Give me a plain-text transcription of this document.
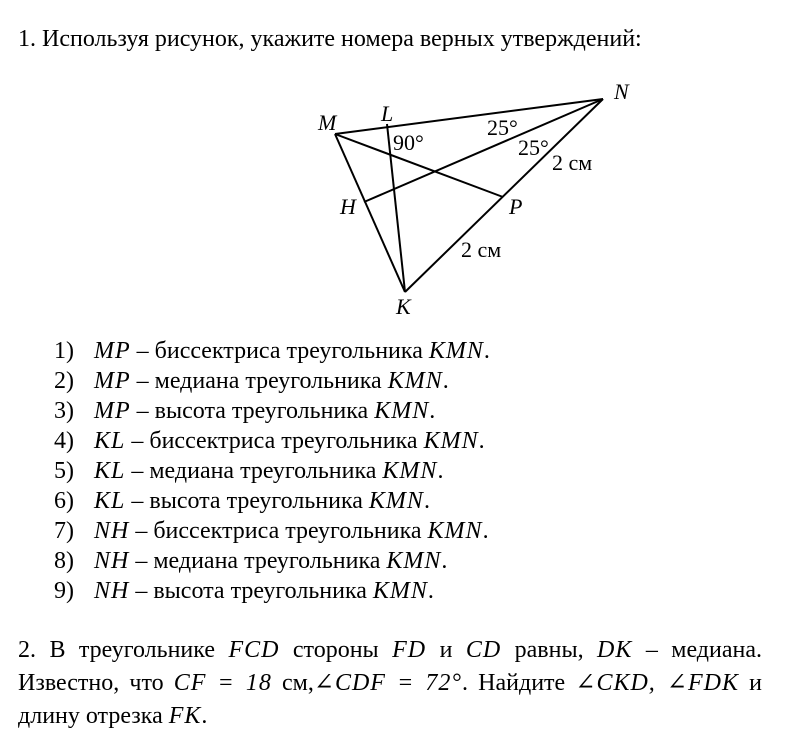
1. Используя рисунок, укажите номера верных утверждений:
M L
N
H	P
K
90°
25°
25°
2 см
2 см
1) MP – биссектриса треугольника KMN.
2) MP – медиана треугольника KMN.
3) MP – высота треугольника KMN.
4) KL – биссектриса треугольника KMN.
5) KL – медиана треугольника KMN.
6) KL – высота треугольника KMN.
7) NH – биссектриса треугольника KMN.
8) NH – медиана треугольника KMN.
9) NH – высота треугольника KMN.

2. В треугольнике FCD стороны FD и CD равны, DK – медиана. Известно, что CF = 18 см,∠CDF = 72°. Найдите ∠CKD, ∠FDK и длину отрезка FK.
